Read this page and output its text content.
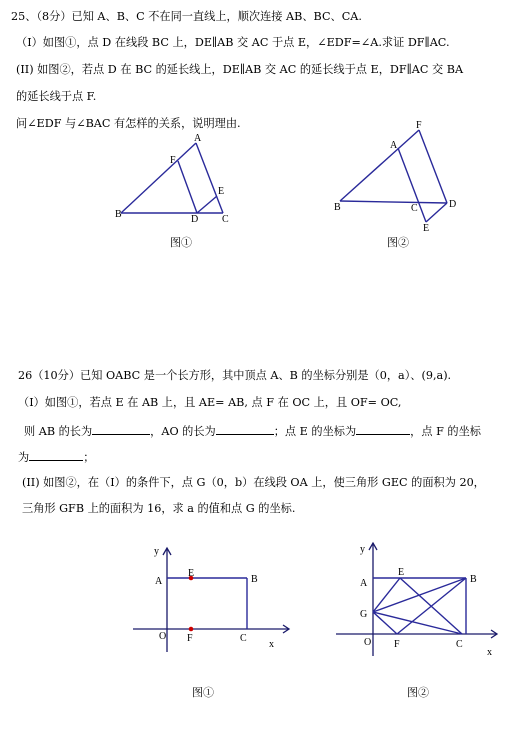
25、（8分）已知 A、B、C 不在同一直线上，顺次连接 AB、BC、CA.
（I）如图①，点 D 在线段 BC 上，DE∥AB 交 AC 于点 E，∠EDF=∠A.求证 DF∥AC.
(II) 如图②，若点 D 在 BC 的延长线上，DE∥AB 交 AC 的延长线于点 E，DF∥AC 交 BA
的延长线于点 F.
问∠EDF 与∠BAC 有怎样的关系，说明理由.
A
B	C
D
E
F
F
A
B	C	D
E
y
A
E
B
O F	C
x
y
A
E
B
G
O F	C
x
图①	图②
26（10分）已知 OABC 是一个长方形，其中顶点 A、B 的坐标分别是（0，a）、(9,a).
（I）如图①，若点 E 在 AB 上，且 AE= AB, 点 F 在 OC 上，且 OF= OC,
则 AB 的长为	，AO 的长为	；点 E 的坐标为	，点 F 的坐标
为	；
(II) 如图②，在（I）的条件下，点 G（0，b）在线段 OA 上，使三角形 GEC 的面积为 20，
三角形 GFB 上的面积为 16，求 a 的值和点 G 的坐标.
图①	图②
